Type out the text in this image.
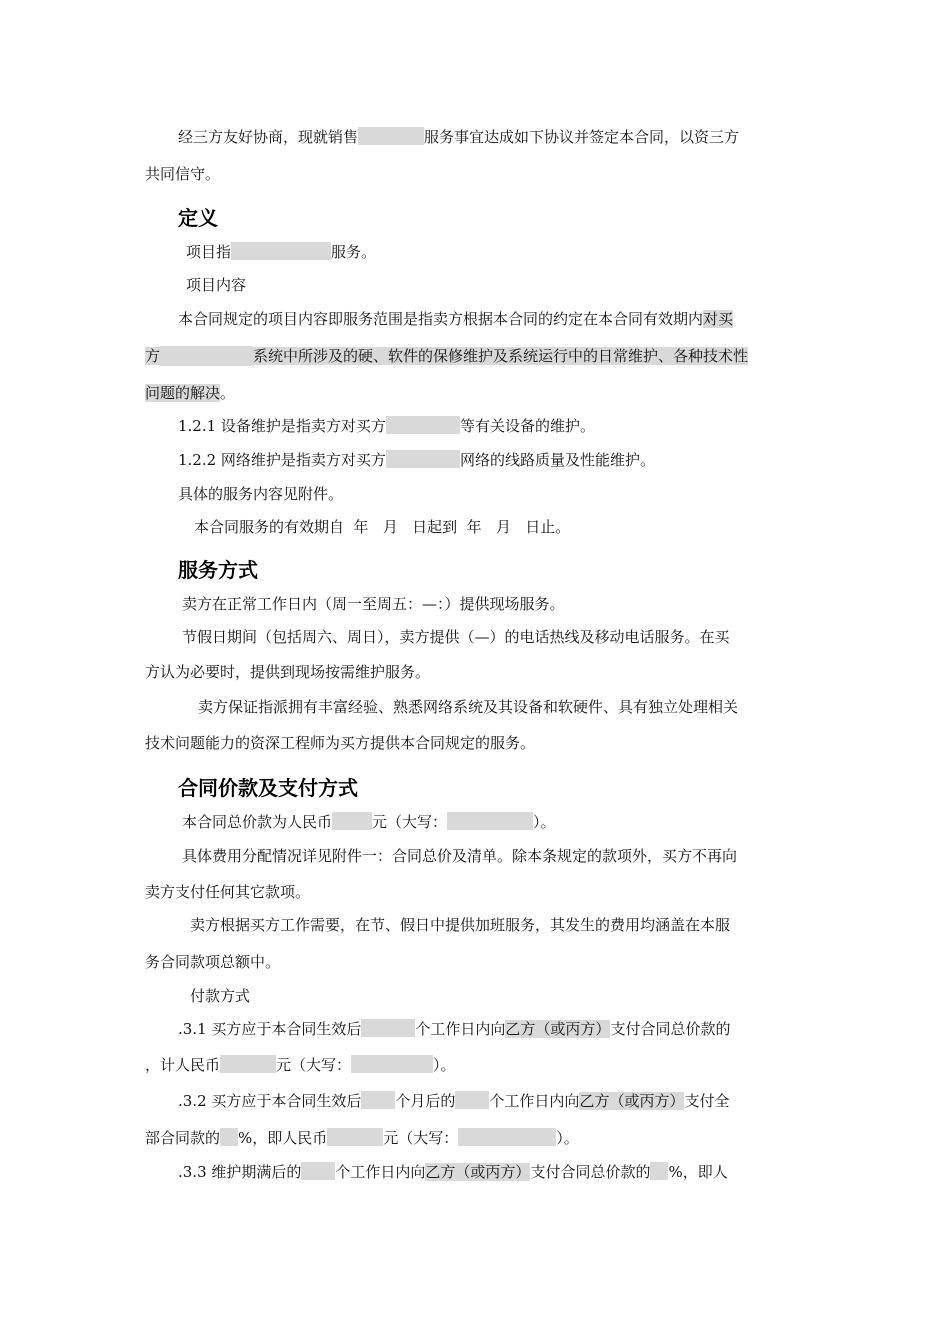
经三方友好协商，现就销售	服务事宜达成如下协议并签定本合同，以资三方
共同信守。
定义
项目指	服务。
项目内容
本合同规定的项目内容即服务范围是指卖方根据本合同的约定在本合同有效期内对买
方	系统中所涉及的硬、软件的保修维护及系统运行中的日常维护、各种技术性
问题的解决。
1.2.1 设备维护是指卖方对买方	等有关设备的维护。
1.2.2 网络维护是指卖方对买方	网络的线路质量及性能维护。
具体的服务内容见附件。
本合同服务的有效期自  年   月   日起到  年   月   日止。
服务方式
卖方在正常工作日内（周一至周五：—：）提供现场服务。
节假日期间（包括周六、周日），卖方提供（—）的电话热线及移动电话服务。在买
方认为必要时，提供到现场按需维护服务。
卖方保证指派拥有丰富经验、熟悉网络系统及其设备和软硬件、具有独立处理相关
技术问题能力的资深工程师为买方提供本合同规定的服务。
合同价款及支付方式
本合同总价款为人民币	元（大写：	）。
具体费用分配情况详见附件一：合同总价及清单。除本条规定的款项外，买方不再向
卖方支付任何其它款项。
卖方根据买方工作需要，在节、假日中提供加班服务，其发生的费用均涵盖在本服
务合同款项总额中。
付款方式
.3.1 买方应于本合同生效后	个工作日内向乙方（或丙方）支付合同总价款的
，计人民币	元（大写：	）。
.3.2 买方应于本合同生效后 个月后的 个工作日内向乙方（或丙方）支付全
部合同款的 %，即人民币	元（大写：	）。
.3.3 维护期满后的 个工作日内向乙方（或丙方）支付合同总价款的 %，即人
